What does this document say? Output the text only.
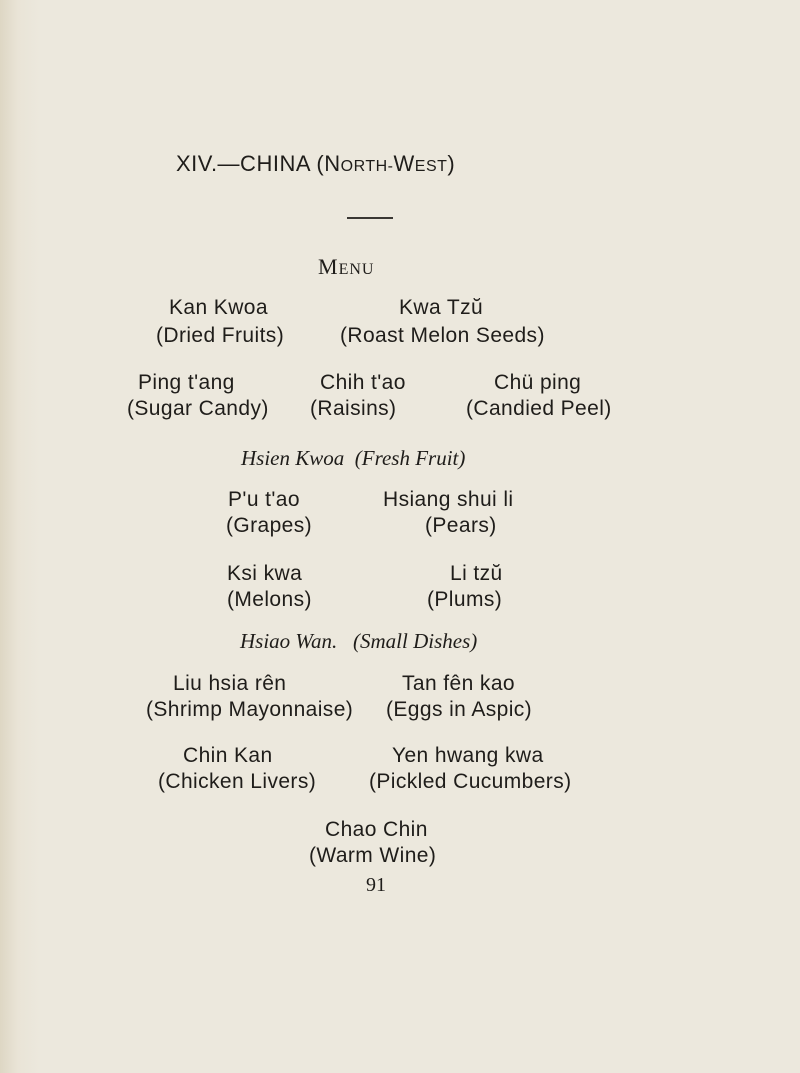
XIV.—CHINA (NORTH-WEST)
MENU
Kan Kwoa
(Dried Fruits)
Kwa Tzŭ
(Roast Melon Seeds)
Ping t'ang
(Sugar Candy)
Chih t'ao
(Raisins)
Chü ping
(Candied Peel)
Hsien Kwoa (Fresh Fruit)
P'u t'ao
(Grapes)
Hsiang shui li
(Pears)
Ksi kwa
(Melons)
Li tzŭ
(Plums)
Hsiao Wan. (Small Dishes)
Liu hsia rên
(Shrimp Mayonnaise)
Tan fên kao
(Eggs in Aspic)
Chin Kan
(Chicken Livers)
Yen hwang kwa
(Pickled Cucumbers)
Chao Chin
(Warm Wine)
91
